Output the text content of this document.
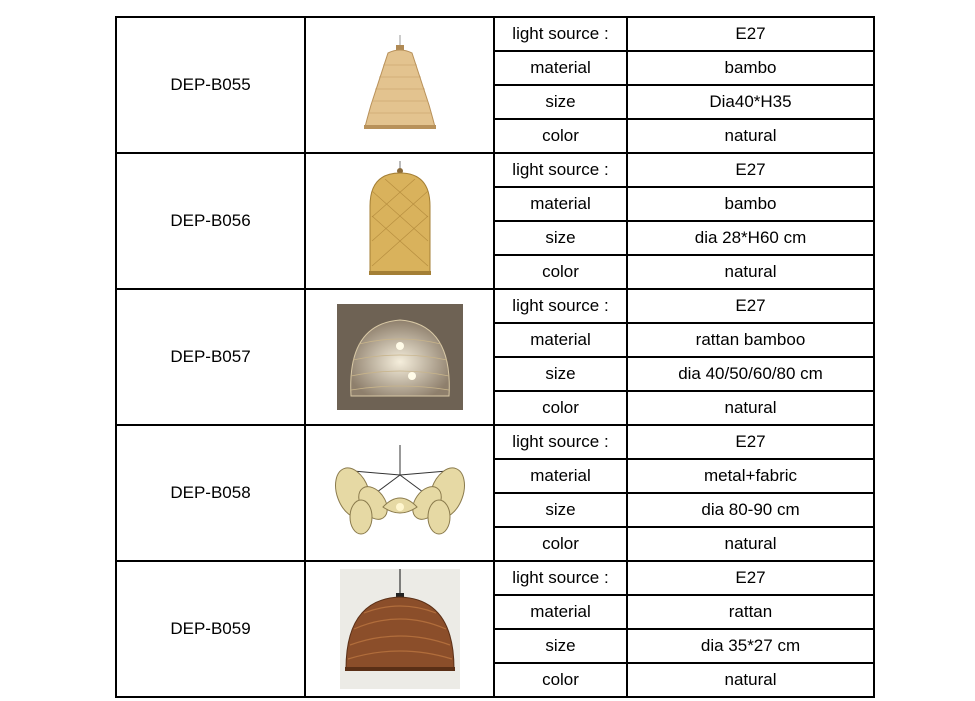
DEP-B055		light source :	E27
		material	bambo
		size	Dia40*H35
		color	natural
DEP-B056		light source :	E27
		material	bambo
		size	dia 28*H60 cm
		color	natural
DEP-B057		light source :	E27
		material	rattan bamboo
		size	dia 40/50/60/80 cm
		color	natural
DEP-B058		light source :	E27
		material	metal+fabric
		size	dia 80-90 cm
		color	natural
DEP-B059		light source :	E27
		material	rattan
		size	dia 35*27 cm
		color	natural
